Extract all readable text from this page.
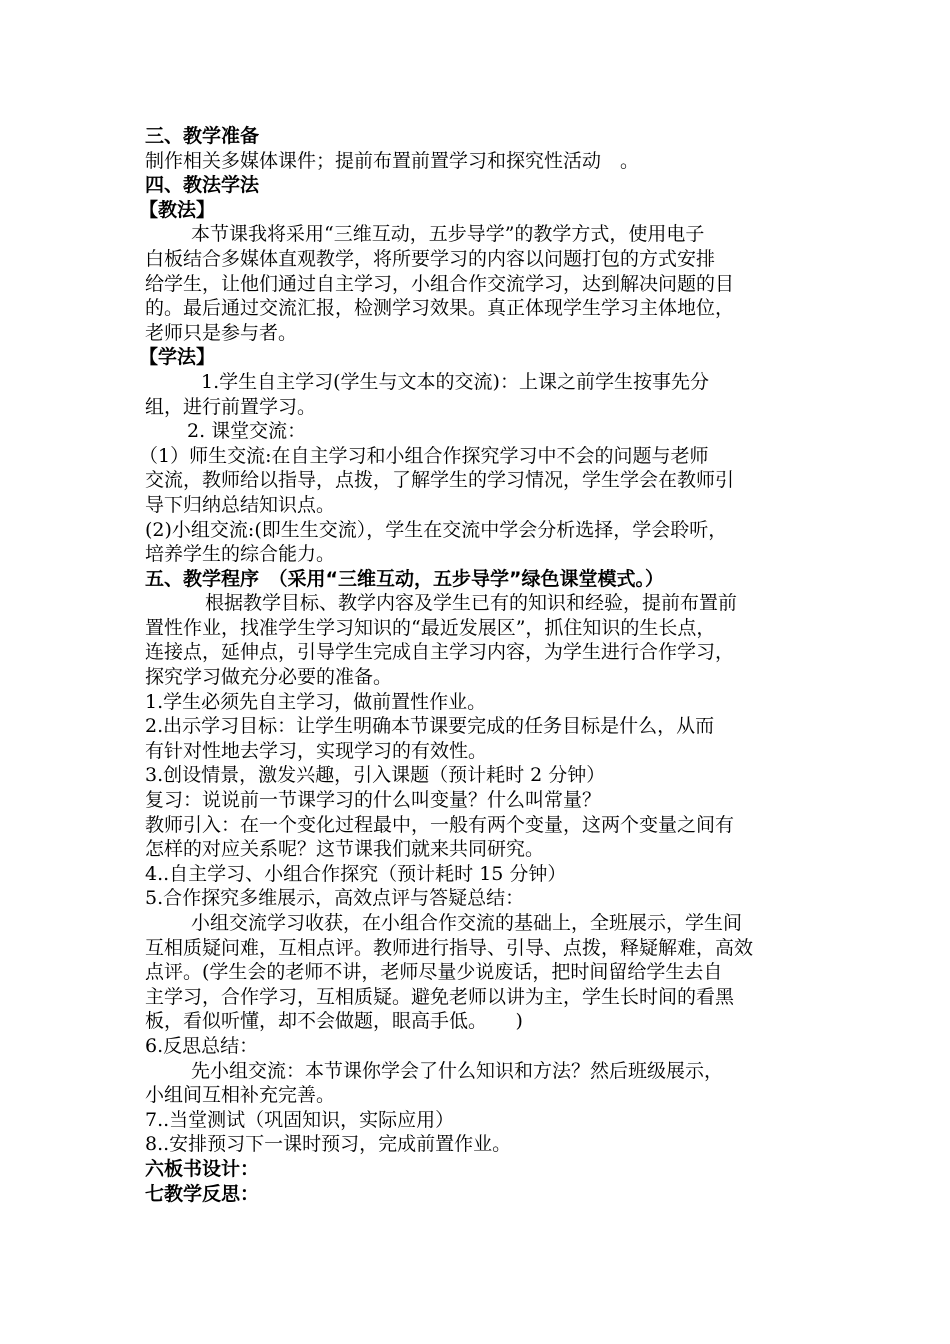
三、教学准备
制作相关多媒体课件；提前布置前置学习和探究性活动　。
四、教法学法
【教法】
本节课我将采用“三维互动，五步导学”的教学方式，使用电子
白板结合多媒体直观教学，将所要学习的内容以问题打包的方式安排
给学生，让他们通过自主学习，小组合作交流学习，达到解决问题的目
的。最后通过交流汇报，检测学习效果。真正体现学生学习主体地位，
老师只是参与者。
【学法】
1.学生自主学习(学生与文本的交流)：上课之前学生按事先分
组，进行前置学习。
2. 课堂交流：
（1）师生交流:在自主学习和小组合作探究学习中不会的问题与老师
交流，教师给以指导，点拨，了解学生的学习情况，学生学会在教师引
导下归纳总结知识点。
(2)小组交流:(即生生交流），学生在交流中学会分析选择，学会聆听，
培养学生的综合能力。
五、教学程序　（采用“三维互动，五步导学”绿色课堂模式。）
根据教学目标、教学内容及学生已有的知识和经验，提前布置前
置性作业，找准学生学习知识的“最近发展区”，抓住知识的生长点，
连接点，延伸点，引导学生完成自主学习内容，为学生进行合作学习，
探究学习做充分必要的准备。
1.学生必须先自主学习，做前置性作业。
2.出示学习目标：让学生明确本节课要完成的任务目标是什么，从而
有针对性地去学习，实现学习的有效性。
3.创设情景，激发兴趣，引入课题（预计耗时 2 分钟）
复习：说说前一节课学习的什么叫变量？什么叫常量？
教师引入：在一个变化过程最中，一般有两个变量，这两个变量之间有
怎样的对应关系呢？这节课我们就来共同研究。
4..自主学习、小组合作探究（预计耗时 15 分钟）
5.合作探究多维展示，高效点评与答疑总结：
小组交流学习收获，在小组合作交流的基础上，全班展示，学生间
互相质疑问难，互相点评。教师进行指导、引导、点拨，释疑解难，高效
点评。(学生会的老师不讲，老师尽量少说废话，把时间留给学生去自
主学习，合作学习，互相质疑。避免老师以讲为主，学生长时间的看黑
板，看似听懂，却不会做题，眼高手低。　　)
6.反思总结：
先小组交流：本节课你学会了什么知识和方法？然后班级展示，
小组间互相补充完善。
7..当堂测试（巩固知识，实际应用）
8..安排预习下一课时预习，完成前置作业。
六板书设计：
七教学反思：
